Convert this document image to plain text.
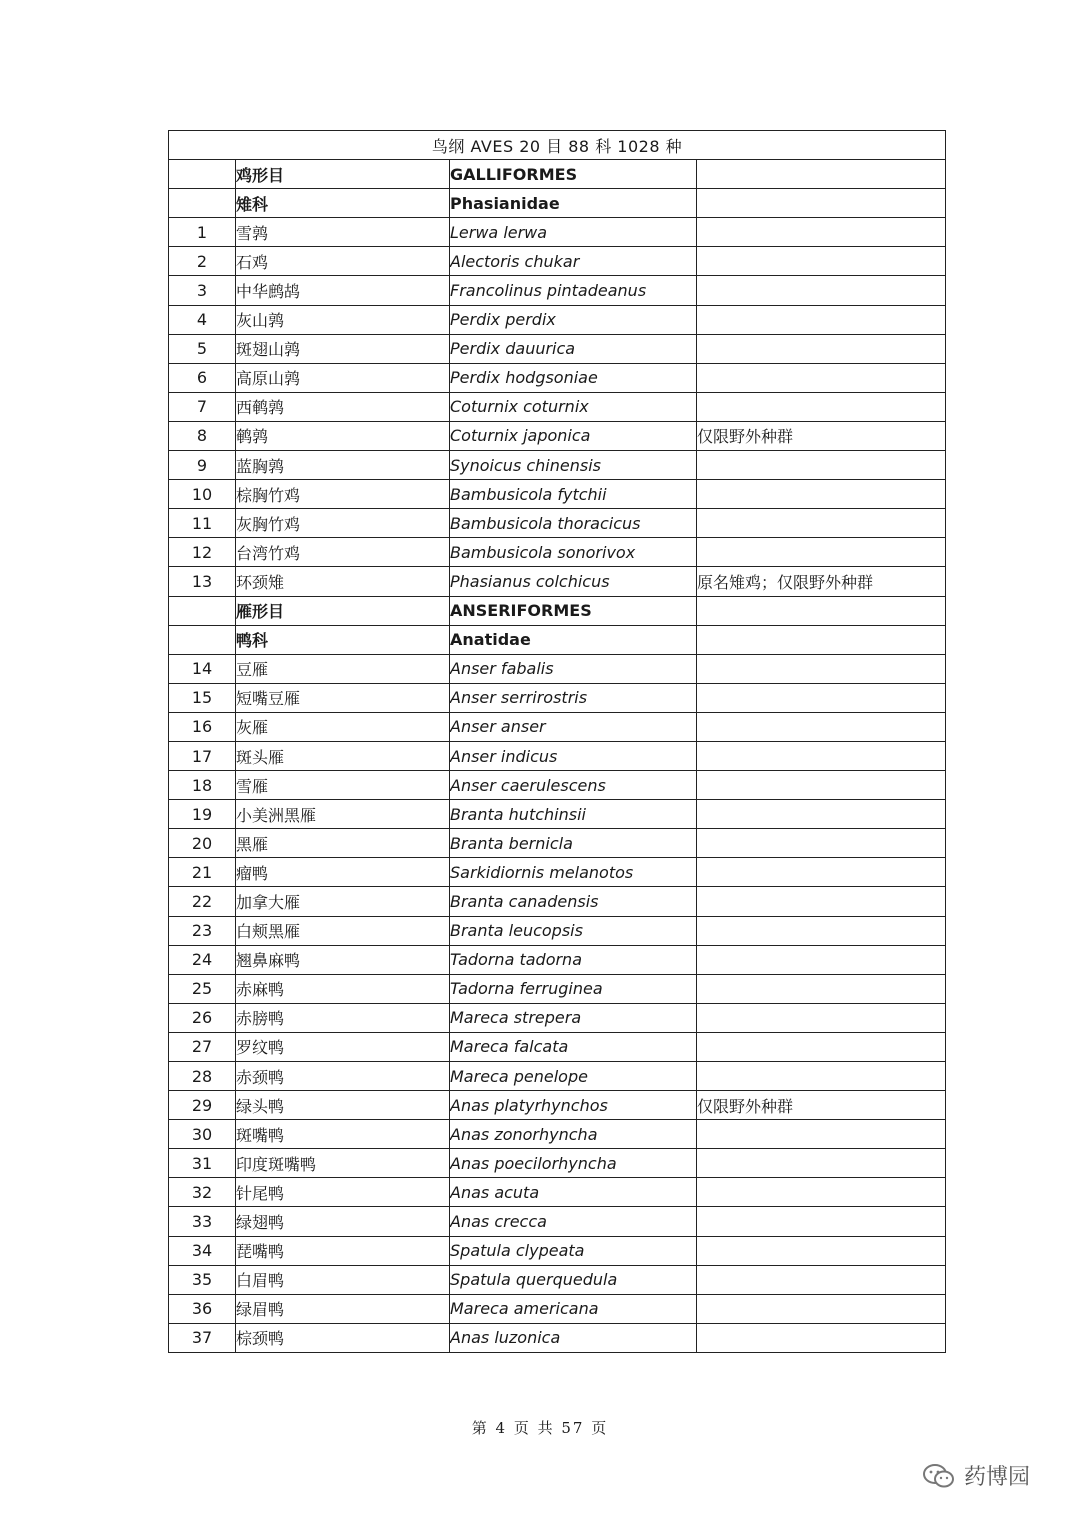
鸟纲 AVES 20 目 88 科 1028 种			
	鸡形目	GALLIFORMES	
	雉科	Phasianidae	
1	雪鹑	Lerwa lerwa	
2	石鸡	Alectoris chukar	
3	中华鹧鸪	Francolinus pintadeanus	
4	灰山鹑	Perdix perdix	
5	斑翅山鹑	Perdix dauurica	
6	高原山鹑	Perdix hodgsoniae	
7	西鹌鹑	Coturnix coturnix	
8	鹌鹑	Coturnix japonica	仅限野外种群
9	蓝胸鹑	Synoicus chinensis	
10	棕胸竹鸡	Bambusicola fytchii	
11	灰胸竹鸡	Bambusicola thoracicus	
12	台湾竹鸡	Bambusicola sonorivox	
13	环颈雉	Phasianus colchicus	原名雉鸡；仅限野外种群
	雁形目	ANSERIFORMES	
	鸭科	Anatidae	
14	豆雁	Anser fabalis	
15	短嘴豆雁	Anser serrirostris	
16	灰雁	Anser anser	
17	斑头雁	Anser indicus	
18	雪雁	Anser caerulescens	
19	小美洲黑雁	Branta hutchinsii	
20	黑雁	Branta bernicla	
21	瘤鸭	Sarkidiornis melanotos	
22	加拿大雁	Branta canadensis	
23	白颊黑雁	Branta leucopsis	
24	翘鼻麻鸭	Tadorna tadorna	
25	赤麻鸭	Tadorna ferruginea	
26	赤膀鸭	Mareca strepera	
27	罗纹鸭	Mareca falcata	
28	赤颈鸭	Mareca penelope	
29	绿头鸭	Anas platyrhynchos	仅限野外种群
30	斑嘴鸭	Anas zonorhyncha	
31	印度斑嘴鸭	Anas poecilorhyncha	
32	针尾鸭	Anas acuta	
33	绿翅鸭	Anas crecca	
34	琵嘴鸭	Spatula clypeata	
35	白眉鸭	Spatula querquedula	
36	绿眉鸭	Mareca americana	
37	棕颈鸭	Anas luzonica	
第 4 页 共 57 页
药博园
